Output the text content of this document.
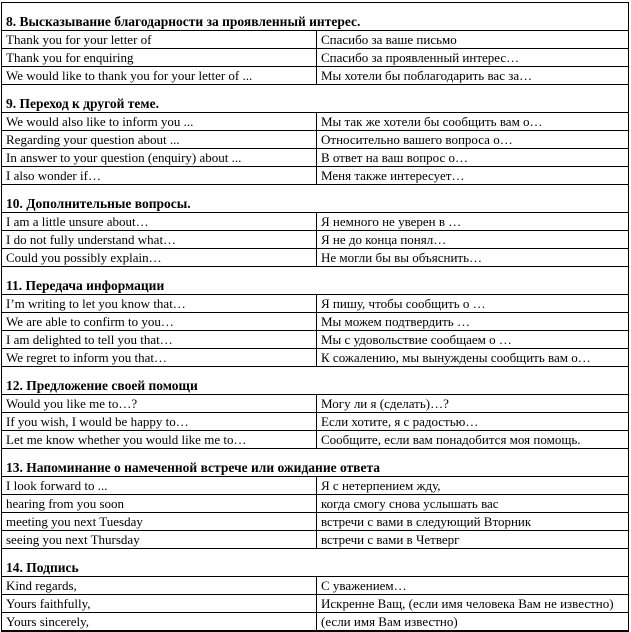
8. Высказывание благодарности за проявленный интерес.
Thank you for your letter of	Спасибо за ваше письмо
Thank you for enquiring	Спасибо за проявленный интерес…
We would like to thank you for your letter of ...	Мы хотели бы поблагодарить вас за…
9. Переход к другой теме.
We would also like to inform you ...	Мы так же хотели бы сообщить вам о…
Regarding your question about ...	Относительно вашего вопроса о…
In answer to your question (enquiry) about ...	В ответ на ваш вопрос о…
I also wonder if…	Меня также интересует…
10. Дополнительные вопросы.
I am a little unsure about…	Я немного не уверен в …
I do not fully understand what…	Я не до конца понял…
Could you possibly explain…	Не могли бы вы объяснить…
11. Передача информации
I’m writing to let you know that…	Я пишу, чтобы сообщить о …
We are able to confirm to you…	Мы можем подтвердить …
I am delighted to tell you that…	Мы с удовольствие сообщаем о …
We regret to inform you that…	К сожалению, мы вынуждены сообщить вам о…
12. Предложение своей помощи
Would you like me to…?	Могу ли я (сделать)…?
If you wish, I would be happy to…	Если хотите, я с радостью…
Let me know whether you would like me to…	Сообщите, если вам понадобится моя помощь.
13. Напоминание о намеченной встрече или ожидание ответа
I look forward to ...	Я с нетерпением жду,
hearing from you soon	когда смогу снова услышать вас
meeting you next Tuesday	встречи с вами в следующий Вторник
seeing you next Thursday	встречи с вами в Четверг
14. Подпись
Kind regards,	С уважением…
Yours faithfully,	Искренне Ващ, (если имя человека Вам не известно)
Yours sincerely,	(если имя Вам известно)
